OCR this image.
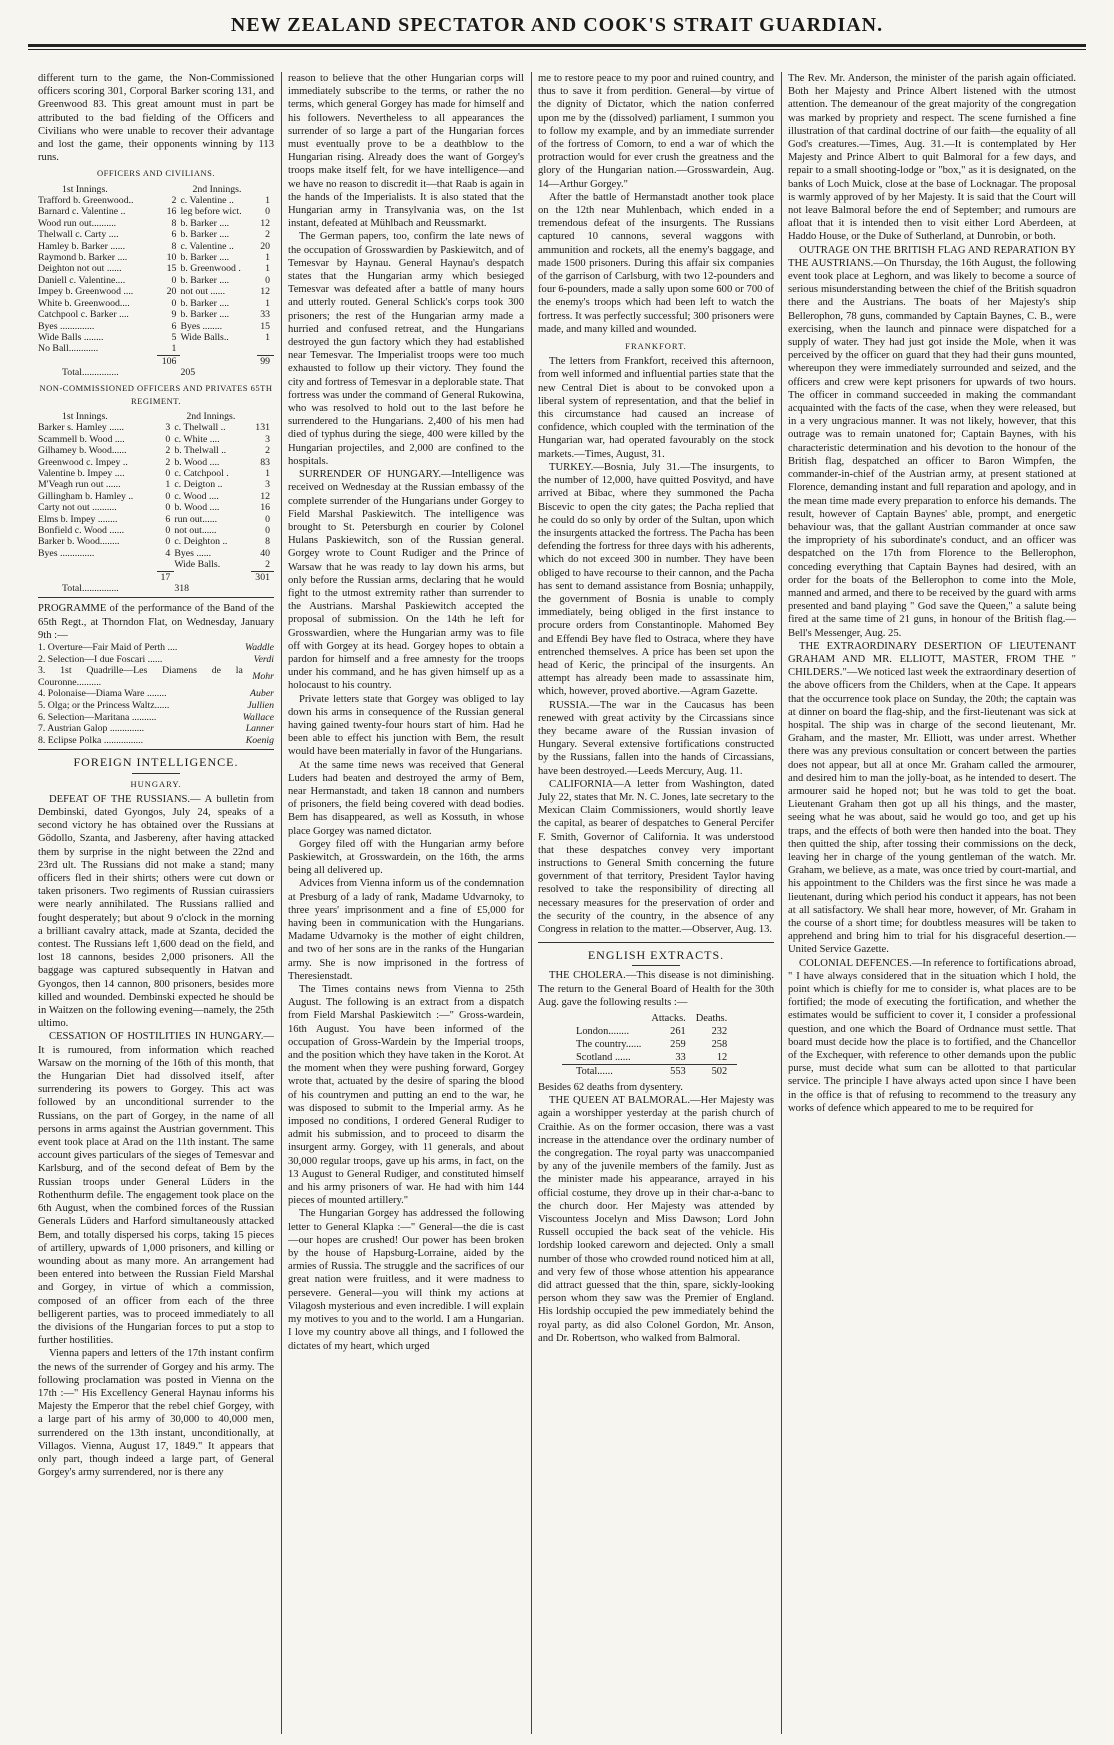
NEW ZEALAND SPECTATOR AND COOK'S STRAIT GUARDIAN.

different turn to the game, the Non-Commissioned officers scoring 301, Corporal Barker scoring 131, and Greenwood 83. This great amount must in part be attributed to the bad fielding of the Officers and Civilians who were unable to recover their advantage and lost the game, their opponents winning by 113 runs.

OFFICERS AND CIVILIANS.
1st Innings.		2nd Innings.	
Trafford b. Greenwood..	2	c. Valentine ..	1
Barnard c. Valentine ..	16	leg before wict.	0
Wood run out..........	8	b. Barker ....	12
Thelwall c. Carty ....	6	b. Barker ....	2
Hamley b. Barker ......	8	c. Valentine ..	20
Raymond b. Barker ....	10	b. Barker ....	1
Deighton not out ......	15	b. Greenwood .	1
Daniell c. Valentine....	0	b. Barker ....	0
Impey b. Greenwood ....	20	not out ......	12
White b. Greenwood....	0	b. Barker ....	1
Catchpool c. Barker ....	9	b. Barker ....	33
Byes ..............	6	Byes ........	15
Wide Balls ........	5	Wide Balls..	1
No Ball............	1		
	106		99
Total...............		205	
NON-COMMISSIONED OFFICERS AND PRIVATES 65TH REGIMENT.
1st Innings.		2nd Innings.	
Barker s. Hamley ......	3	c. Thelwall ..	131
Scammell b. Wood ....	0	c. White ....	3
Gilhamey b. Wood......	2	b. Thelwall ..	2
Greenwood c. Impey ..	2	b. Wood ....	83
Valentine b. Impey ....	0	c. Catchpool .	1
M'Veagh run out ......	1	c. Deigton ..	3
Gillingham b. Hamley ..	0	c. Wood ....	12
Carty not out ..........	0	b. Wood ....	16
Elms b. Impey ........	6	run out......	0
Bonfield c. Wood ......	0	not out......	0
Barker b. Wood........	0	c. Deighton ..	8
Byes ..............	4	Byes ......	40
		Wide Balls.	2
	17		301
Total...............		318	

PROGRAMME of the performance of the Band of the 65th Regt., at Thorndon Flat, on Wednesday, January 9th :—

1. Overture—Fair Maid of Perth ....	Waddle
2. Selection—I due Foscari ......	Verdi
3. 1st Quadrille—Les Diamens de la Couronne..........	Mohr
4. Polonaise—Diama Ware ........	Auber
5. Olga; or the Princess Waltz......	Jullien
6. Selection—Maritana ..........	Wallace
7. Austrian Galop ..............	Lanner
8. Eclipse Polka ................	Koenig
FOREIGN INTELLIGENCE.
HUNGARY.

DEFEAT OF THE RUSSIANS.— A bulletin from Dembinski, dated Gyongos, July 24, speaks of a second victory he has obtained over the Russians at Gödollo, Szanta, and Jasbereny, after having attacked them by surprise in the night between the 22nd and 23rd ult. The Russians did not make a stand; many officers fled in their shirts; others were cut down or taken prisoners. Two regiments of Russian cuirassiers were nearly annihilated. The Russians rallied and fought desperately; but about 9 o'clock in the morning a brilliant cavalry attack, made at Szanta, decided the contest. The Russians left 1,600 dead on the field, and lost 18 cannons, besides 2,000 prisoners. All the baggage was captured subsequently in Hatvan and Gyongos, then 14 cannon, 800 prisoners, besides more killed and wounded. Dembinski expected he should be in Waitzen on the following evening—namely, the 25th ultimo.

CESSATION OF HOSTILITIES IN HUNGARY.—It is rumoured, from information which reached Warsaw on the morning of the 16th of this month, that the Hungarian Diet had dissolved itself, after surrendering its powers to Gorgey. This act was followed by an unconditional surrender to the Russians, on the part of Gorgey, in the name of all persons in arms against the Austrian government. This event took place at Arad on the 11th instant. The same account gives particulars of the sieges of Temesvar and Karlsburg, and of the second defeat of Bem by the Russian troops under General Lüders in the Rothenthurm defile. The engagement took place on the 6th August, when the combined forces of the Russian Generals Lüders and Harford simultaneously attacked Bem, and totally dispersed his corps, taking 15 pieces of artillery, upwards of 1,000 prisoners, and killing or wounding about as many more. An arrangement had been entered into between the Russian Field Marshal and Gorgey, in virtue of which a commission, composed of an officer from each of the three belligerent parties, was to proceed immediately to all the divisions of the Hungarian forces to put a stop to further hostilities.

Vienna papers and letters of the 17th instant confirm the news of the surrender of Gorgey and his army. The following proclamation was posted in Vienna on the 17th :—" His Excellency General Haynau informs his Majesty the Emperor that the rebel chief Gorgey, with a large part of his army of 30,000 to 40,000 men, surrendered on the 13th instant, unconditionally, at Villagos. Vienna, August 17, 1849." It appears that only part, though indeed a large part, of General Gorgey's army surrendered, nor is there any

reason to believe that the other Hungarian corps will immediately subscribe to the terms, or rather the no terms, which general Gorgey has made for himself and his followers. Nevertheless to all appearances the surrender of so large a part of the Hungarian forces must eventually prove to be a deathblow to the Hungarian rising. Already does the want of Gorgey's troops make itself felt, for we have intelligence—and we have no reason to discredit it—that Raab is again in the hands of the Imperialists. It is also stated that the Hungarian army in Transylvania was, on the 1st instant, defeated at Mühlbach and Reussmarkt.

The German papers, too, confirm the late news of the occupation of Grosswardien by Paskiewitch, and of Temesvar by Haynau. General Haynau's despatch states that the Hungarian army which besieged Temesvar was defeated after a battle of many hours and utterly routed. General Schlick's corps took 300 prisoners; the rest of the Hungarian army made a hurried and confused retreat, and the Hungarians destroyed the gun factory which they had established near Temesvar. The Imperialist troops were too much exhausted to follow up their victory. They found the city and fortress of Temesvar in a deplorable state. That fortress was under the command of General Rukowina, who was resolved to hold out to the last before he surrendered to the Hungarians. 2,400 of his men had died of typhus during the siege, 400 were killed by the Hungarian projectiles, and 2,000 are confined to the hospitals.

SURRENDER OF HUNGARY.—Intelligence was received on Wednesday at the Russian embassy of the complete surrender of the Hungarians under Gorgey to Field Marshal Paskiewitch. The intelligence was brought to St. Petersburgh en courier by Colonel Hulans Paskiewitch, son of the Russian general. Gorgey wrote to Count Rudiger and the Prince of Warsaw that he was ready to lay down his arms, but only before the Russian arms, declaring that he would fight to the utmost extremity rather than surrender to the Austrians. Marshal Paskiewitch accepted the proposal of submission. On the 14th he left for Grosswardien, where the Hungarian army was to file off with Gorgey at its head. Gorgey hopes to obtain a pardon for himself and a free amnesty for the troops under his command, and he has given himself up as a holocaust to his country.

Private letters state that Gorgey was obliged to lay down his arms in consequence of the Russian general having gained twenty-four hours start of him. Had he been able to effect his junction with Bem, the result would have been materially in favor of the Hungarians.

At the same time news was received that General Luders had beaten and destroyed the army of Bem, near Hermanstadt, and taken 18 cannon and numbers of prisoners, the field being covered with dead bodies. Bem has disappeared, as well as Kossuth, in whose place Gorgey was named dictator.

Gorgey filed off with the Hungarian army before Paskiewitch, at Grosswardein, on the 16th, the arms being all delivered up.

Advices from Vienna inform us of the condemnation at Presburg of a lady of rank, Madame Udvarnoky, to three years' imprisonment and a fine of £5,000 for having been in communication with the Hungarians. Madame Udvarnoky is the mother of eight children, and two of her sons are in the ranks of the Hungarian army. She is now imprisoned in the fortress of Theresienstadt.

The Times contains news from Vienna to 25th August. The following is an extract from a dispatch from Field Marshal Paskiewitch :—" Gross-wardein, 16th August. You have been informed of the occupation of Gross-Wardein by the Imperial troops, and the position which they have taken in the Korot. At the moment when they were pushing forward, Gorgey wrote that, actuated by the desire of sparing the blood of his countrymen and putting an end to the war, he was disposed to submit to the Imperial army. As he imposed no conditions, I ordered General Rudiger to admit his submission, and to proceed to disarm the insurgent army. Gorgey, with 11 generals, and about 30,000 regular troops, gave up his arms, in fact, on the 13 August to General Rudiger, and constituted himself and his army prisoners of war. He had with him 144 pieces of mounted artillery."

The Hungarian Gorgey has addressed the following letter to General Klapka :—" General—the die is cast—our hopes are crushed! Our power has been broken by the house of Hapsburg-Lorraine, aided by the armies of Russia. The struggle and the sacrifices of our great nation were fruitless, and it were madness to persevere. General—you will think my actions at Vilagosh mysterious and even incredible. I will explain my motives to you and to the world. I am a Hungarian. I love my country above all things, and I followed the dictates of my heart, which urged

me to restore peace to my poor and ruined country, and thus to save it from perdition. General—by virtue of the dignity of Dictator, which the nation conferred upon me by the (dissolved) parliament, I summon you to follow my example, and by an immediate surrender of the fortress of Comorn, to end a war of which the protraction would for ever crush the greatness and the glory of the Hungarian nation.—Grosswardein, Aug. 14—Arthur Gorgey."

After the battle of Hermanstadt another took place on the 12th near Muhlenbach, which ended in a tremendous defeat of the insurgents. The Russians captured 10 cannons, several waggons with ammunition and rockets, all the enemy's baggage, and made 1500 prisoners. During this affair six companies of the garrison of Carlsburg, with two 12-pounders and four 6-pounders, made a sally upon some 600 or 700 of the enemy's troops which had been left to watch the fortress. It was perfectly successful; 300 prisoners were made, and many killed and wounded.

FRANKFORT.

The letters from Frankfort, received this afternoon, from well informed and influential parties state that the new Central Diet is about to be convoked upon a liberal system of representation, and that the belief in this circumstance had caused an increase of confidence, which coupled with the termination of the Hungarian war, had operated favourably on the stock markets.—Times, August, 31.

TURKEY.—Bosnia, July 31.—The insurgents, to the number of 12,000, have quitted Posvityd, and have arrived at Bibac, where they summoned the Pacha Biscevic to open the city gates; the Pacha replied that he could do so only by order of the Sultan, upon which the insurgents attacked the fortress. The Pacha has been defending the fortress for three days with his adherents, which do not exceed 300 in number. They have been obliged to have recourse to their cannon, and the Pacha has sent to demand assistance from Bosnia; unhappily, the government of Bosnia is unable to comply immediately, being obliged in the first instance to procure orders from Constantinople. Mahomed Bey and Effendi Bey have fled to Ostraca, where they have entrenched themselves. A price has been set upon the head of Keric, the principal of the insurgents. An attempt has already been made to assassinate him, which, however, proved abortive.—Agram Gazette.

RUSSIA.—The war in the Caucasus has been renewed with great activity by the Circassians since they became aware of the Russian invasion of Hungary. Several extensive fortifications constructed by the Russians, fallen into the hands of Circassians, have been destroyed.—Leeds Mercury, Aug. 11.

CALIFORNIA—A letter from Washington, dated July 22, states that Mr. N. C. Jones, late secretary to the Mexican Claim Commissioners, would shortly leave the capital, as bearer of despatches to General Percifer F. Smith, Governor of California. It was understood that these despatches convey very important instructions to General Smith concerning the future government of that territory, President Taylor having resolved to take the responsibility of directing all necessary measures for the preservation of order and the security of the country, in the absence of any Congress in relation to the matter.—Observer, Aug. 13.

ENGLISH EXTRACTS.

THE CHOLERA.—This disease is not diminishing. The return to the General Board of Health for the 30th Aug. gave the following results :—

	Attacks.	Deaths.
London........	261	232
The country......	259	258
Scotland ......	33	12
Total......	553	502

Besides 62 deaths from dysentery.

THE QUEEN AT BALMORAL.—Her Majesty was again a worshipper yesterday at the parish church of Craithie. As on the former occasion, there was a vast increase in the attendance over the ordinary number of the congregation. The royal party was unaccompanied by any of the juvenile members of the family. Just as the minister made his appearance, arrayed in his official costume, they drove up in their char-a-banc to the church door. Her Majesty was attended by Viscountess Jocelyn and Miss Dawson; Lord John Russell occupied the back seat of the vehicle. His lordship looked careworn and dejected. Only a small number of those who crowded round noticed him at all, and very few of those whose attention his appearance did attract guessed that the thin, spare, sickly-looking person whom they saw was the Premier of England. His lordship occupied the pew immediately behind the royal party, as did also Colonel Gordon, Mr. Anson, and Dr. Robertson, who walked from Balmoral.

The Rev. Mr. Anderson, the minister of the parish again officiated. Both her Majesty and Prince Albert listened with the utmost attention. The demeanour of the great majority of the congregation was marked by propriety and respect. The scene furnished a fine illustration of that cardinal doctrine of our faith—the equality of all God's creatures.—Times, Aug. 31.—It is contemplated by Her Majesty and Prince Albert to quit Balmoral for a few days, and repair to a small shooting-lodge or "box," as it is designated, on the banks of Loch Muick, close at the base of Locknagar. The proposal is warmly approved of by her Majesty. It is said that the Court will not leave Balmoral before the end of September; and rumours are afloat that it is intended then to visit either Lord Aberdeen, at Haddo House, or the Duke of Sutherland, at Dunrobin, or both.

OUTRAGE ON THE BRITISH FLAG AND REPARATION BY THE AUSTRIANS.—On Thursday, the 16th August, the following event took place at Leghorn, and was likely to become a source of serious misunderstanding between the chief of the British squadron there and the Austrians. The boats of her Majesty's ship Bellerophon, 78 guns, commanded by Captain Baynes, C. B., were exercising, when the launch and pinnace were dispatched for a supply of water. They had just got inside the Mole, when it was perceived by the officer on guard that they had their guns mounted, whereupon they were immediately surrounded and seized, and the officers and crew were kept prisoners for upwards of two hours. The officer in command succeeded in making the commandant acquainted with the facts of the case, when they were released, but in a very ungracious manner. It was not likely, however, that this outrage was to remain unatoned for; Captain Baynes, with his characteristic determination and his devotion to the honour of the British flag, despatched an officer to Baron Wimpfen, the commander-in-chief of the Austrian army, at present stationed at Florence, demanding instant and full reparation and apology, and in the mean time made every preparation to enforce his demands. The result, however of Captain Baynes' able, prompt, and energetic behaviour was, that the gallant Austrian commander at once saw the impropriety of his subordinate's conduct, and an officer was despatched on the 17th from Florence to the Bellerophon, conceding everything that Captain Baynes had desired, with an order for the boats of the Bellerophon to come into the Mole, manned and armed, and there to be received by the guard with arms presented and band playing " God save the Queen," a salute being fired at the same time of 21 guns, in honour of the British flag.—Bell's Messenger, Aug. 25.

THE EXTRAORDINARY DESERTION OF LIEUTENANT GRAHAM AND MR. ELLIOTT, MASTER, FROM THE " CHILDERS."—We noticed last week the extraordinary desertion of the above officers from the Childers, when at the Cape. It appears that the occurrence took place on Sunday, the 20th; the captain was at dinner on board the flag-ship, and the first-lieutenant was sick at hospital. The ship was in charge of the second lieutenant, Mr. Graham, and the master, Mr. Elliott, was under arrest. Whether there was any previous consultation or concert between the parties does not appear, but all at once Mr. Graham called the armourer, and desired him to man the jolly-boat, as he intended to desert. The armourer said he hoped not; but he was told to get the boat. Lieutenant Graham then got up all his things, and the master, seeing what he was about, said he would go too, and get up his traps, and the effects of both were then handed into the boat. They then quitted the ship, after tossing their commissions on the deck, leaving her in charge of the young gentleman of the watch. Mr. Graham, we believe, as a mate, was once tried by court-martial, and his appointment to the Childers was the first since he was made a lieutenant, during which period his conduct it appears, has not been at all satisfactory. We shall hear more, however, of Mr. Graham in the course of a short time; for doubtless measures will be taken to apprehend and bring him to trial for his disgraceful desertion.—United Service Gazette.

COLONIAL DEFENCES.—In reference to fortifications abroad, " I have always considered that in the situation which I hold, the point which is chiefly for me to consider is, what places are to be fortified; the mode of executing the fortification, and whether the estimates would be sufficient to cover it, I consider a professional question, and one which the Board of Ordnance must settle. That board must decide how the place is to fortified, and the Chancellor of the Exchequer, with reference to other demands upon the public purse, must decide what sum can be allotted to that particular service. The principle I have always acted upon since I have been in the office is that of refusing to recommend to the treasury any works of defence which appeared to me to be required for
